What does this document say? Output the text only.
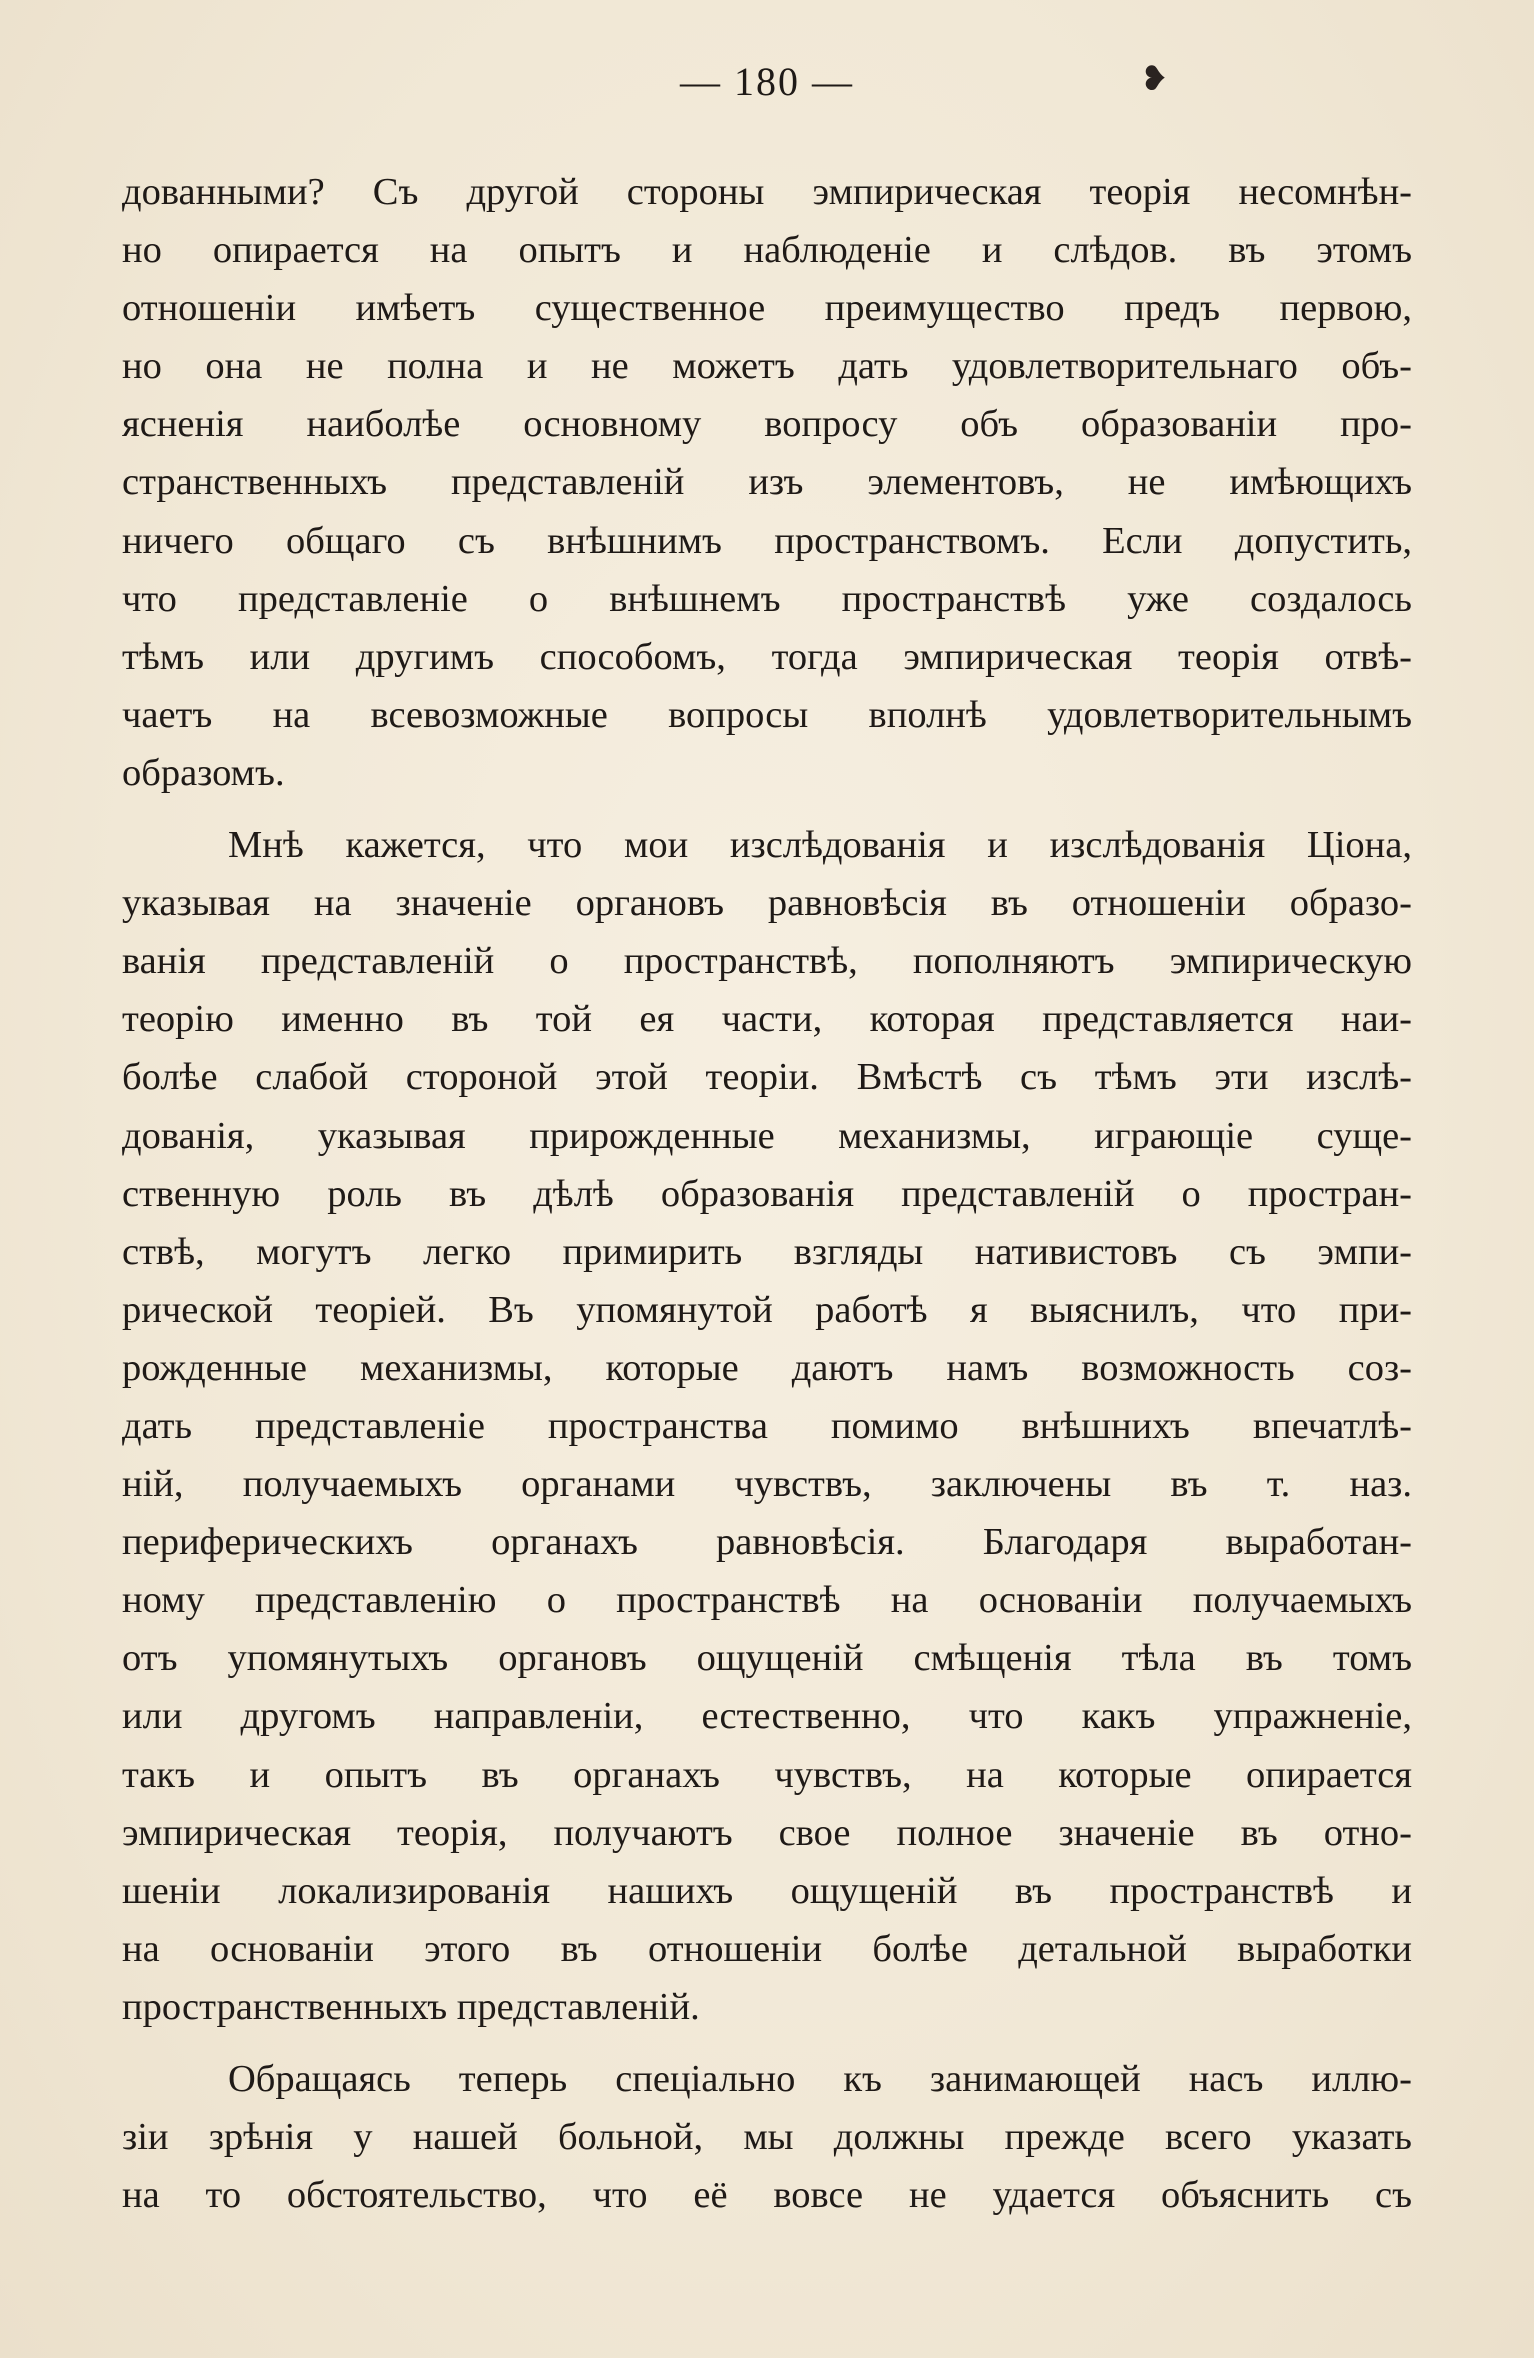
— 180 —	❥
дованными? Съ другой стороны эмпирическая теорія несомнѣн-
но опирается на опытъ и наблюденіе и слѣдов. въ этомъ
отношеніи имѣетъ существенное преимущество предъ первою,
но она не полна и не можетъ дать удовлетворительнаго объ-
ясненія наиболѣе основному вопросу объ образованіи про-
странственныхъ представленій изъ элементовъ, не имѣющихъ
ничего общаго съ внѣшнимъ пространствомъ. Если допустить,
что представленіе о внѣшнемъ пространствѣ уже создалось
тѣмъ или другимъ способомъ, тогда эмпирическая теорія отвѣ-
чаетъ на всевозможные вопросы вполнѣ удовлетворительнымъ
образомъ.
Мнѣ кажется, что мои изслѣдованія и изслѣдованія Ціона,
указывая на значеніе органовъ равновѣсія въ отношеніи образо-
ванія представленій о пространствѣ, пополняютъ эмпирическую
теорію именно въ той ея части, которая представляется наи-
болѣе слабой стороной этой теоріи. Вмѣстѣ съ тѣмъ эти изслѣ-
дованія, указывая прирожденные механизмы, играющіе суще-
ственную роль въ дѣлѣ образованія представленій о простран-
ствѣ, могутъ легко примирить взгляды нативистовъ съ эмпи-
рической теоріей. Въ упомянутой работѣ я выяснилъ, что при-
рожденные механизмы, которые даютъ намъ возможность соз-
дать представленіе пространства помимо внѣшнихъ впечатлѣ-
ній, получаемыхъ органами чувствъ, заключены въ т. наз.
периферическихъ органахъ равновѣсія. Благодаря выработан-
ному представленію о пространствѣ на основаніи получаемыхъ
отъ упомянутыхъ органовъ ощущеній смѣщенія тѣла въ томъ
или другомъ направленіи, естественно, что какъ упражненіе,
такъ и опытъ въ органахъ чувствъ, на которые опирается
эмпирическая теорія, получаютъ свое полное значеніе въ отно-
шеніи локализированія нашихъ ощущеній въ пространствѣ и
на основаніи этого въ отношеніи болѣе детальной выработки
пространственныхъ представленій.
Обращаясь теперь спеціально къ занимающей насъ иллю-
зіи зрѣнія у нашей больной, мы должны прежде всего указать
на то обстоятельство, что её вовсе не удается объяснить съ
